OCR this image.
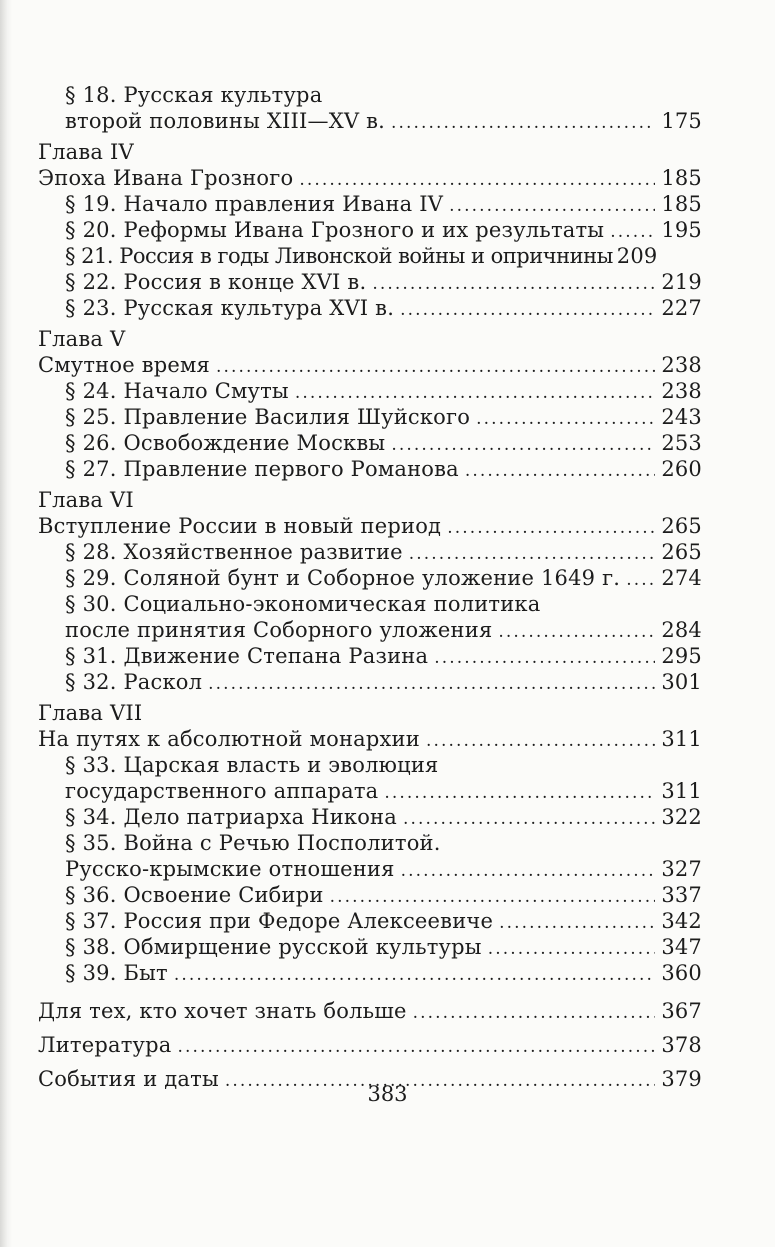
§ 18. Русская культура
второй половины XIII—XV в. .....	175
Глава IV
Эпоха Ивана Грозного .....	185
§ 19. Начало правления Ивана IV .....	185
§ 20. Реформы Ивана Грозного и их результаты .....	195
§ 21. Россия в годы Ливонской войны и опричнины 209
§ 22. Россия в конце XVI в. .....	219
§ 23. Русская культура XVI в. .....	227
Глава V
Смутное время .....	238
§ 24. Начало Смуты .....	238
§ 25. Правление Василия Шуйского .....	243
§ 26. Освобождение Москвы .....	253
§ 27. Правление первого Романова .....	260
Глава VI
Вступление России в новый период .....	265
§ 28. Хозяйственное развитие .....	265
§ 29. Соляной бунт и Соборное уложение 1649 г. ..... 274
§ 30. Социально-экономическая политика
после принятия Соборного уложения .....	284
§ 31. Движение Степана Разина .....	295
§ 32. Раскол .....	301
Глава VII
На путях к абсолютной монархии .....	311
§ 33. Царская власть и эволюция
государственного аппарата .....	311
§ 34. Дело патриарха Никона .....	322
§ 35. Война с Речью Посполитой.
Русско-крымские отношения .....	327
§ 36. Освоение Сибири .....	337
§ 37. Россия при Федоре Алексеевиче .....	342
§ 38. Обмирщение русской культуры .....	347
§ 39. Быт .....	360
Для тех, кто хочет знать больше .....	367
Литература .....	378
События и даты .....	379
383
